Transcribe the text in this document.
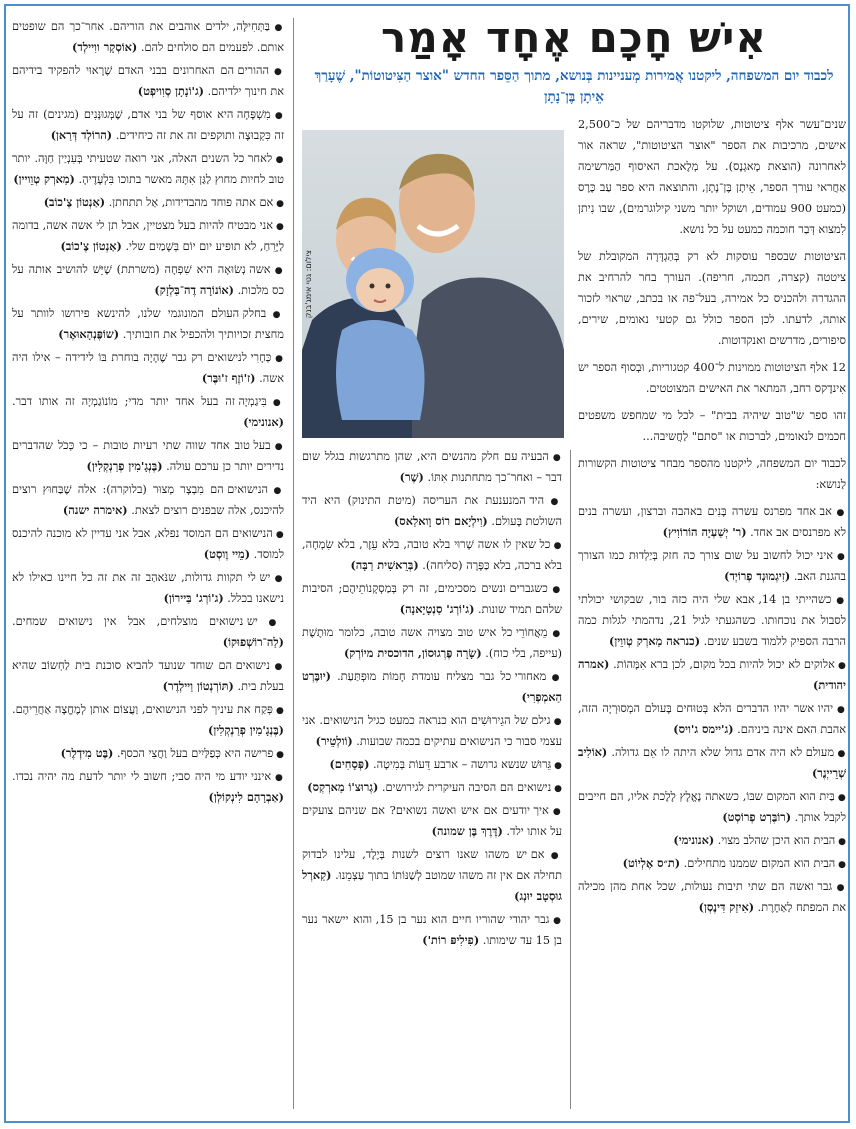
אִישׁ חָכָם אֶחָד אָמַר
לכבוד יום המשפחה, ליקטנו אֲמירות מְעניינות בְּנושא, מתוך הַסֵּפר החדש "אוצר הַצִּיטוטוֹת", שֶׁעָרַךְ אֵיתָן בֶּן־נָתָן
צילום: גטי אימג'בנק

שנים־עשר אלף ציטוטות, שלוקטו מדבריהם של כ־2,500 אישים, מרכיבות את הספר "אוצר הציטוטות", שראה אור לאחרונה (הוצאת מָאגְנֶס). על מְלֶאכת האיסוף הַמַּרשימה אַחֲראי עורך הספר, אֵיתָן בֶּן־נָתָן, והתוצאה היא ספר עַב כֶּרֶס (כמעט 900 עמודים, ושוקל יותר משני קילוגרמים), שבו נִיתן לִמצוא דְּבַר חוכמה כמעט על כל נושא.

הציטוטות שבספר עוסקות לא רק בְּהַגְדָּרָה המקובלת של ציטטה (קצרה, חכמה, חריפה). העורך בחר להרחיב את ההגדרה ולהכניס כל אמירה, בעל־פה או בכתב, שראוי לזכור אותה, לדעתו. לכן הספר כולל גם קטעי נאומים, שירים, סיפורים, מדרשים ואנקדוטות.

12 אלף הציטוטות ממוינות ל־400 קטגוריות, וּבְסוף הספר יש אִינדֶקס רחב, המתאר את האישים המצוטטים.

זהו ספר ש"טוב שיהיה בבית" – לכל מי שמחפש משפטים חכמים לנאומים, לברכות או "סתם" לַחֲשיבה...

לכבוד יום המשפחה, ליקטנו מהספר מבחר ציטוטות הקשורות לַנושא:

● אב אחד מפרנס עשרה בָּנִים באהבה וברצון, ועשרה בנים לא מפרנסים אב אחד. (ר' יְשַׁעְיָה הוֹרוֹוִיץ)

● איני יכול לחשוב על שום צורך כה חזק בְּיַלְדוּת כמו הצורך בהגנת האב. (זִיגְמוּנְד פְרוֹיְד)

● כשהייתי בן 14, אבא שלי היה כזה בור, שבקושי יכולתי לסבול את נוכחותו. כשהגעתי לגיל 21, נדהמתי לגלות כמה הרבה הספיק ללמוד בשבע שנים. (כנראה מַארְק טְווֵין)

● אלוקים לא יכול להיות בכל מקום, לכן ברא אִמָּהוֹת. (אמרה יהודית)

● יהיו אשר יהיו הדברים הלא בְּטוּחים בָּעולם המְסוּרְיָה הזה, אהבת האם אינה ביניהם. (ג'יימס ג'ויס)

● מעולם לא היה אדם גדול שלא היתה לו אֵם גדולה. (אוֹלִיב שְׁרֵייְנֶר)

● בַּיִת הוא המקום שבּוֹ, כשאתה נֶאֱלָץ לָלֶכת אליו, הם חייבים לקבל אותך. (רוֹבֶּרְט פְרוֹסְט)

● הבית הוא היכן שהלב מצוי. (אנונימי)

● הבית הוא המקום שממנו מתחילים. (ת״ס אֶלְיוֹט)

● גבר ואשה הם שתי תיבות נעולות, שכל אחת מהן מכילה את המפתח לַאַחֶרֶת. (אִיזַק דִּינֶסְן)

● הבעיה עם חלק מהנשים היא, שהן מתרגשות בגלל שום דבר – ואחר־כך מתחתנות אִתּוֹ. (שֶׁר)

● היד המנענעת את העריסה (מיטת התינוק) היא היד השולטת בָּעולם. (וִילְיָאם רוֹס וָואלַאס)

● כל שאין לו אשה שָׁרוּי בלא טובה, בלא עֵזֶר, בלא שִׂמְחָה, בלא ברכה, בלא כַּפָּרָה (סליחה). (בְּרֵאשִׁית רַבָּה)

● כשגברים ונשים מסכימים, זה רק בְּמַסְקָנוֹתֵיהֶם; הסיבות שלהם תמיד שונות. (ג'וֹרְג' סַנְטָיָאנָה)

● מֵאֲחוֹרֵי כל איש טוב מצויה אשה טובה, כלומר מוּתֶשֶׁת (עייפה, בלי כוח). (שָׂרָה פֶּרְגוּסוֹן, הדוכסית מיוֹרְק)

● מאחורי כל גבר מצליח עומדת חָמוֹת מוּפְתַּעַת. (יוּבֶּרְט הַאמְפְרִי)

● גילם של הגֵירוּשִׁים הוא כנראה כמעט כגיל הנישואים. אני עצמי סבור כי הנישואים עתיקים בכמה שבועות. (וֹולְטֵיר)

● גֵּרוּשׁ שנשא גרושה – ארבע דֵּעוֹת בְּמִיטָה. (פְּסָחִים)

● נישואים הם הסיבה העיקרית לגירושים. (גְרוּצ'וֹ מַארְקְס)

● איך יודעים אם איש ואשה נשואים? אם שניהם צועקים על אותו ילד. (דֶּרֶךְ בֶּן שמונה)

● אם יש משהו שאנו רוצים לשנות בְּיֶלֶד, עלינו לבדוק תחילה אם אין זה משהו שמוטב לְשַׁנּוֹתוֹ בתוך עַצְמֵנוּ. (קַארְל גוּסְטָב יוּנְג)

● גבר יהודי שהוריו חיים הוא נער בן 15, והוא יישאר נער בן 15 עד שימותו. (פִילִיפּ רוֹת')

● בַּתְּחִילָּה, ילדים אוהבים את הוריהם. אחר־כך הם שופטים אותם. לפעמים הם סולחים להם. (אוֹסְקָר ווִיילְד)

● ההורים הם האחרונים בבני האדם שֶׁרָאוּי להפקיד בידיהם את חינוך ילדיהם. (ג'וֹנָתָן סְוִויפְט)

● מִשְׁפָּחָה היא אוסף של בני אדם, שֶׁמְּגוּנְּנִים (מגינים) זה על זה כִּקְבוּצָה ותוקפים זה את זה כיחידים. (הרוֹלְד דְּרַאן)

● לאחר כל השנים האלה, אני רואה שטעיתי בְּעִנְיַין חַוָּה. יותר טוב לחיות מחוץ לַגַּן אִתָּהּ מאשר בתוכו בִּלְעָדֶיהָ. (מַארְק טְוֵויין)

● אם אתה פוחד מהבדידות, אַל תתחתן. (אַנְטוֹן צֶ'כוֹב)

● אני מבטיח להיות בעל מצטיין, אבל תן לי אשה אשה, בדומה לַיָּרֵחַ, לא תופיע יום יוֹם בְּשָׁמַיִם שלי. (אַנְטוֹן צֶ'כוֹב)

● אשה נְשׂוּאָה היא שִׁפְחָה (משרתת) שֶׁיֵּשׁ להושיב אותה על כס מלכות. (אוֹנוֹרָה דֶה־בַּלְזָק)

● בחלק העולם המונוגמי שלנו, להינשא פירושו לוותר על מחצית זכויותיך ולהכפיל את חובותיך. (שוֹפֶּנְהָאוּאֶר)

● כְּחָרִי לנישואים רק גבר שֶׁהָיָה בוחרת בּוֹ לידידה – אילו היה אשה. (ז'וֹזֶף ז'וּבֶּר)

● בִּיגַמְיָה זה בעל אחד יותר מדי; מוֹנוֹגַמְיָה זה אותו דבר. (אנונימי)

● בעל טוב אחד שווה שתי רעיות טובות – כי כְּכֹל שהדברים נדירים יותר כן ערכם עולה. (בֶּנְגָ'מִין פְרַנְקְלִין)

● הנישואים הם מִבְצָר מְצוּר (בלוקרה): אלה שֶׁבַּחוּץ רוצים להיכנס, אלה שבפנים רוצים לצאת. (אימרה ישנה)

● הנישואים הם המוסד נפלא, אבל אני עדיין לא מוכנה להיכנס למוסד. (מֵיי וֶוסְט)

● יש לי תקוות גדולות, שנֹּאהַב זה את זה כל חיינו כאילו לא נישאנו בכלל. (ג'וֹרְג' בַּיירוֹן)

● יש נישואים מוצלחים, אבל אין נישואים שמחים. (לַה־רוֹשְׁפוּקוֹ)

● נישואים הם שוחד שנועד להביא סוכנת בית לַחְשוֹב שהיא בעלת בית. (תּוֹרְנְטוֹן וַיילְדֶר)

● פְּקַח את עיניך לפני הנישואים, וַעֲצוֹם אותן לְמֶחֱצָה אַחֲרֵיהֶם. (בֶּנְגָ'מִין פְרַנְקְלִין)

● פרישה היא כְּפַלַּיִים בעל וַחֲצִי הכסף. (בֶּט מִידְלֶר)

● אינני יודע מי היה סבי; חשוב לי יותר לדעת מה יהיה נכדו. (אַבְרָהָם לִינְקוֹלְן)
